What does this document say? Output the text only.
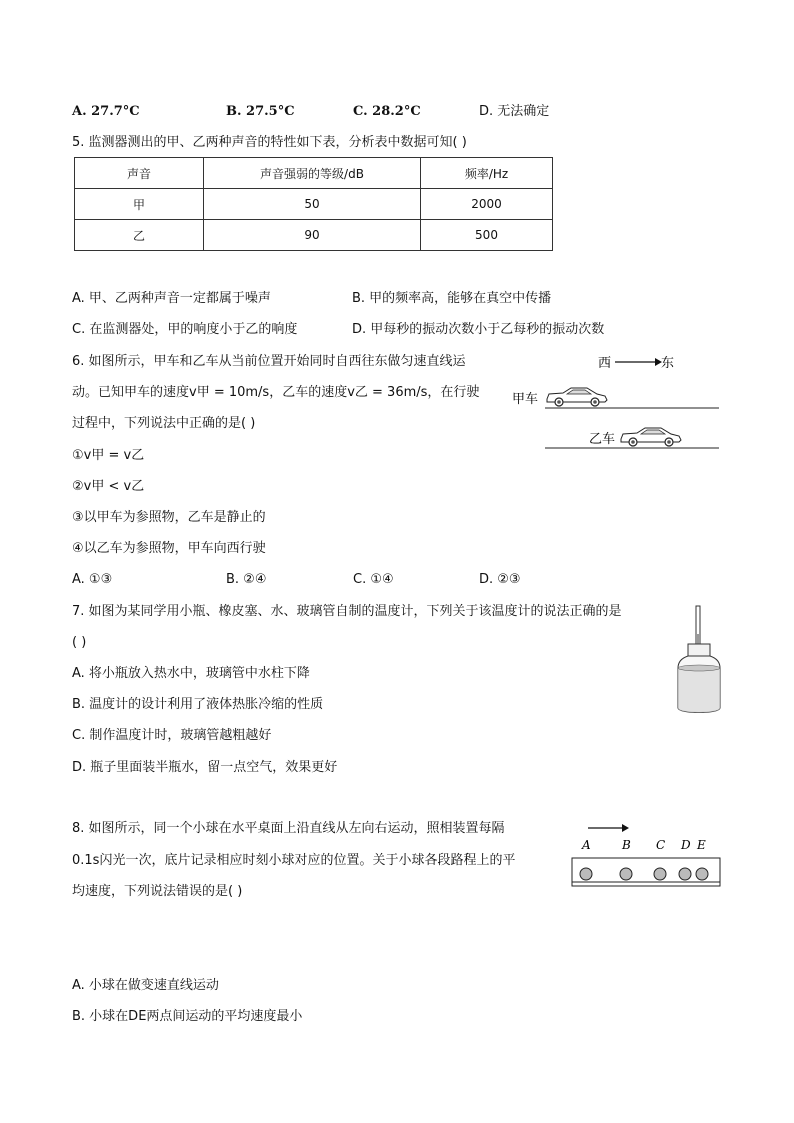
A. 27.7°C	B. 27.5°C	C. 28.2°C	D. 无法确定
5. 监测器测出的甲、乙两种声音的特性如下表，分析表中数据可知( )
声音	声音强弱的等级/dB	频率/Hz
甲	50	2000
乙	90	500
A. 甲、乙两种声音一定都属于噪声	B. 甲的频率高，能够在真空中传播
C. 在监测器处，甲的响度小于乙的响度	D. 甲每秒的振动次数小于乙每秒的振动次数
6. 如图所示，甲车和乙车从当前位置开始同时自西往东做匀速直线运
动。已知甲车的速度v甲 = 10m/s，乙车的速度v乙 = 36m/s，在行驶
过程中，下列说法中正确的是( )
①v甲 = v乙
②v甲 < v乙
③以甲车为参照物，乙车是静止的
④以乙车为参照物，甲车向西行驶
A. ①③	B. ②④	C. ①④	D. ②③
西	东
甲车
乙车
7. 如图为某同学用小瓶、橡皮塞、水、玻璃管自制的温度计，下列关于该温度计的说法正确的是
( )
A. 将小瓶放入热水中，玻璃管中水柱下降
B. 温度计的设计利用了液体热胀冷缩的性质
C. 制作温度计时，玻璃管越粗越好
D. 瓶子里面装半瓶水，留一点空气，效果更好
8. 如图所示，同一个小球在水平桌面上沿直线从左向右运动，照相装置每隔
0.1s闪光一次，底片记录相应时刻小球对应的位置。关于小球各段路程上的平
均速度，下列说法错误的是( )
A. 小球在做变速直线运动
B. 小球在DE两点间运动的平均速度最小
A	B C D E
